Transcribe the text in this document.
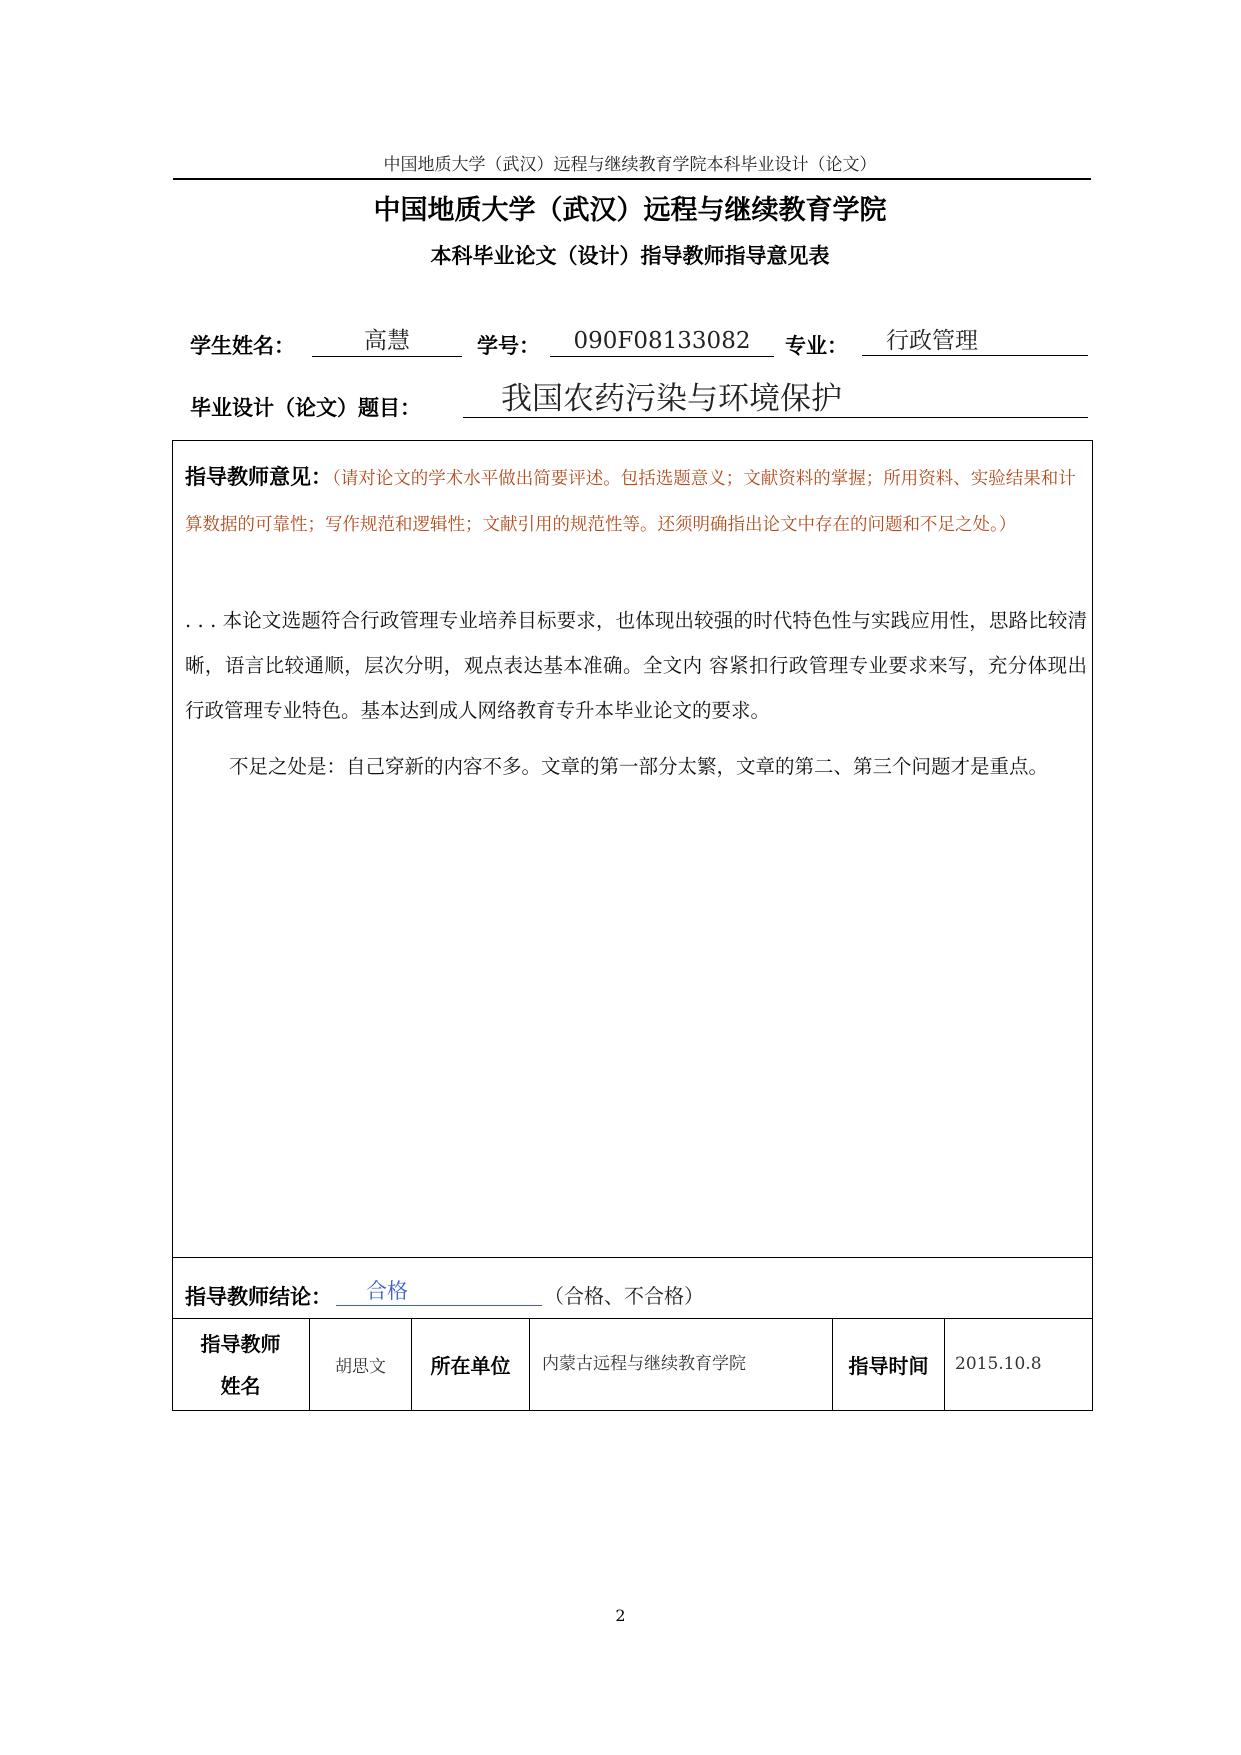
中国地质大学（武汉）远程与继续教育学院本科毕业设计（论文）
中国地质大学（武汉）远程与继续教育学院
本科毕业论文（设计）指导教师指导意见表
学生姓名：	高慧	学号：	090F08133082	专业：	行政管理
毕业设计（论文）题目：	我国农药污染与环境保护
指导教师意见：（请对论文的学术水平做出简要评述。包括选题意义；文献资料的掌握；所用资料、实验结果和计算数据的可靠性；写作规范和逻辑性；文献引用的规范性等。还须明确指出论文中存在的问题和不足之处。）
. . . 本论文选题符合行政管理专业培养目标要求，也体现出较强的时代特色性与实践应用性，思路比较清晰，语言比较通顺，层次分明，观点表达基本准确。全文内 容紧扣行政管理专业要求来写，充分体现出行政管理专业特色。基本达到成人网络教育专升本毕业论文的要求。
不足之处是：自己穿新的内容不多。文章的第一部分太繁，文章的第二、第三个问题才是重点。
指导教师结论：	合格	（合格、不合格）
指导教师
姓名
胡思文	所在单位	内蒙古远程与继续教育学院	指导时间	2015.10.8
2
